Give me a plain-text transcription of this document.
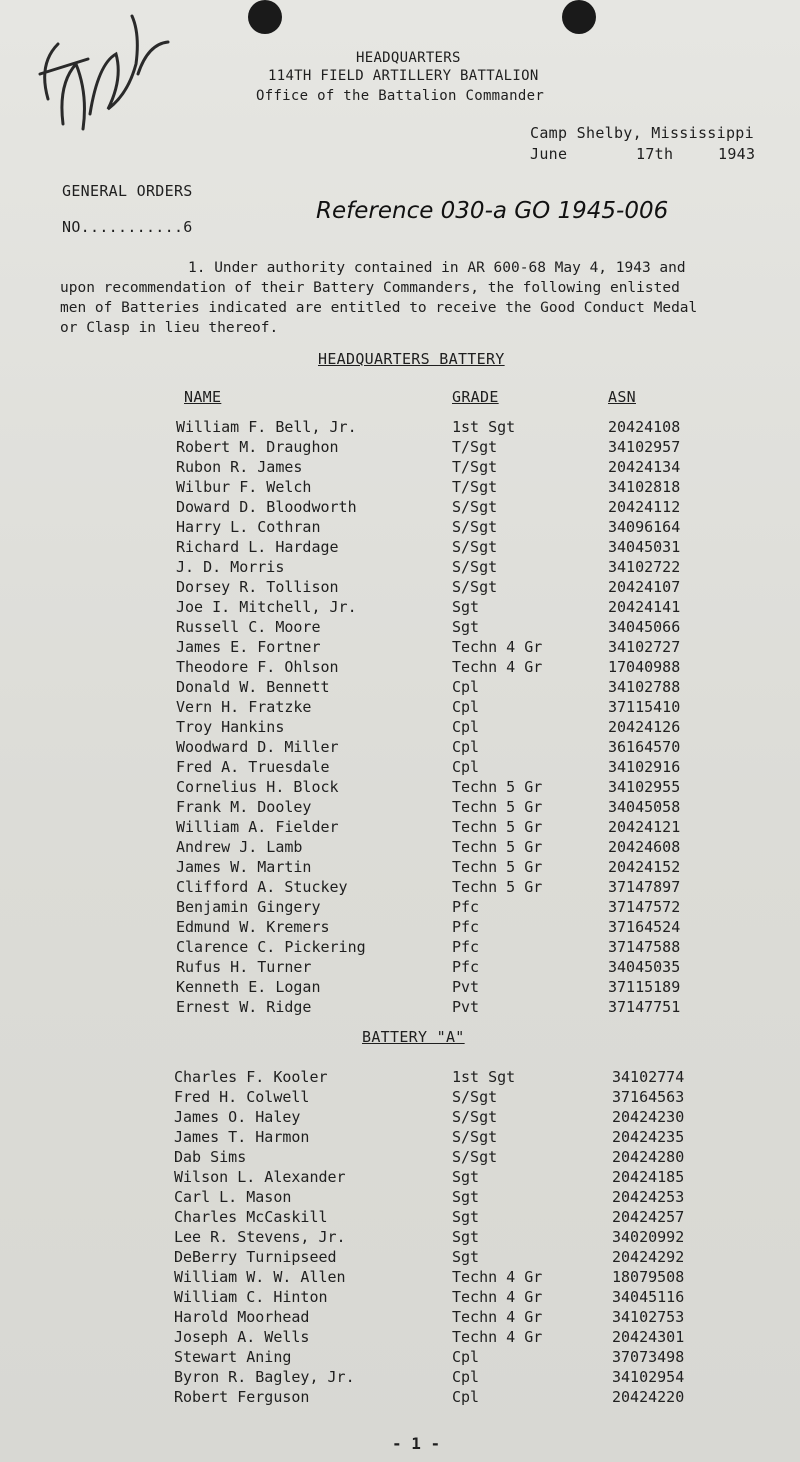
HEADQUARTERS
114TH FIELD ARTILLERY BATTALION
Office of the Battalion Commander
Camp Shelby, Mississippi
June	17th	1943
GENERAL ORDERS
NO...........6
Reference 030-a GO 1945-006
1. Under authority contained in AR 600-68 May 4, 1943 and
upon recommendation of their Battery Commanders, the following enlisted
men of Batteries indicated are entitled to receive the Good Conduct Medal
or Clasp in lieu thereof.
HEADQUARTERS BATTERY
NAME	GRADE	ASN
William F. Bell, Jr.	1st Sgt	20424108
Robert M. Draughon	T/Sgt	34102957
Rubon R. James	T/Sgt	20424134
Wilbur F. Welch	T/Sgt	34102818
Doward D. Bloodworth	S/Sgt	20424112
Harry L. Cothran	S/Sgt	34096164
Richard L. Hardage	S/Sgt	34045031
J. D. Morris	S/Sgt	34102722
Dorsey R. Tollison	S/Sgt	20424107
Joe I. Mitchell, Jr.	Sgt	20424141
Russell C. Moore	Sgt	34045066
James E. Fortner	Techn 4 Gr	34102727
Theodore F. Ohlson	Techn 4 Gr	17040988
Donald W. Bennett	Cpl	34102788
Vern H. Fratzke	Cpl	37115410
Troy Hankins	Cpl	20424126
Woodward D. Miller	Cpl	36164570
Fred A. Truesdale	Cpl	34102916
Cornelius H. Block	Techn 5 Gr	34102955
Frank M. Dooley	Techn 5 Gr	34045058
William A. Fielder	Techn 5 Gr	20424121
Andrew J. Lamb	Techn 5 Gr	20424608
James W. Martin	Techn 5 Gr	20424152
Clifford A. Stuckey	Techn 5 Gr	37147897
Benjamin Gingery	Pfc	37147572
Edmund W. Kremers	Pfc	37164524
Clarence C. Pickering	Pfc	37147588
Rufus H. Turner	Pfc	34045035
Kenneth E. Logan	Pvt	37115189
Ernest W. Ridge	Pvt	37147751
BATTERY "A"
Charles F. Kooler	1st Sgt	34102774
Fred H. Colwell	S/Sgt	37164563
James O. Haley	S/Sgt	20424230
James T. Harmon	S/Sgt	20424235
Dab Sims	S/Sgt	20424280
Wilson L. Alexander	Sgt	20424185
Carl L. Mason	Sgt	20424253
Charles McCaskill	Sgt	20424257
Lee R. Stevens, Jr.	Sgt	34020992
DeBerry Turnipseed	Sgt	20424292
William W. W. Allen	Techn 4 Gr	18079508
William C. Hinton	Techn 4 Gr	34045116
Harold Moorhead	Techn 4 Gr	34102753
Joseph A. Wells	Techn 4 Gr	20424301
Stewart Aning	Cpl	37073498
Byron R. Bagley, Jr.	Cpl	34102954
Robert Ferguson	Cpl	20424220
- 1 -
